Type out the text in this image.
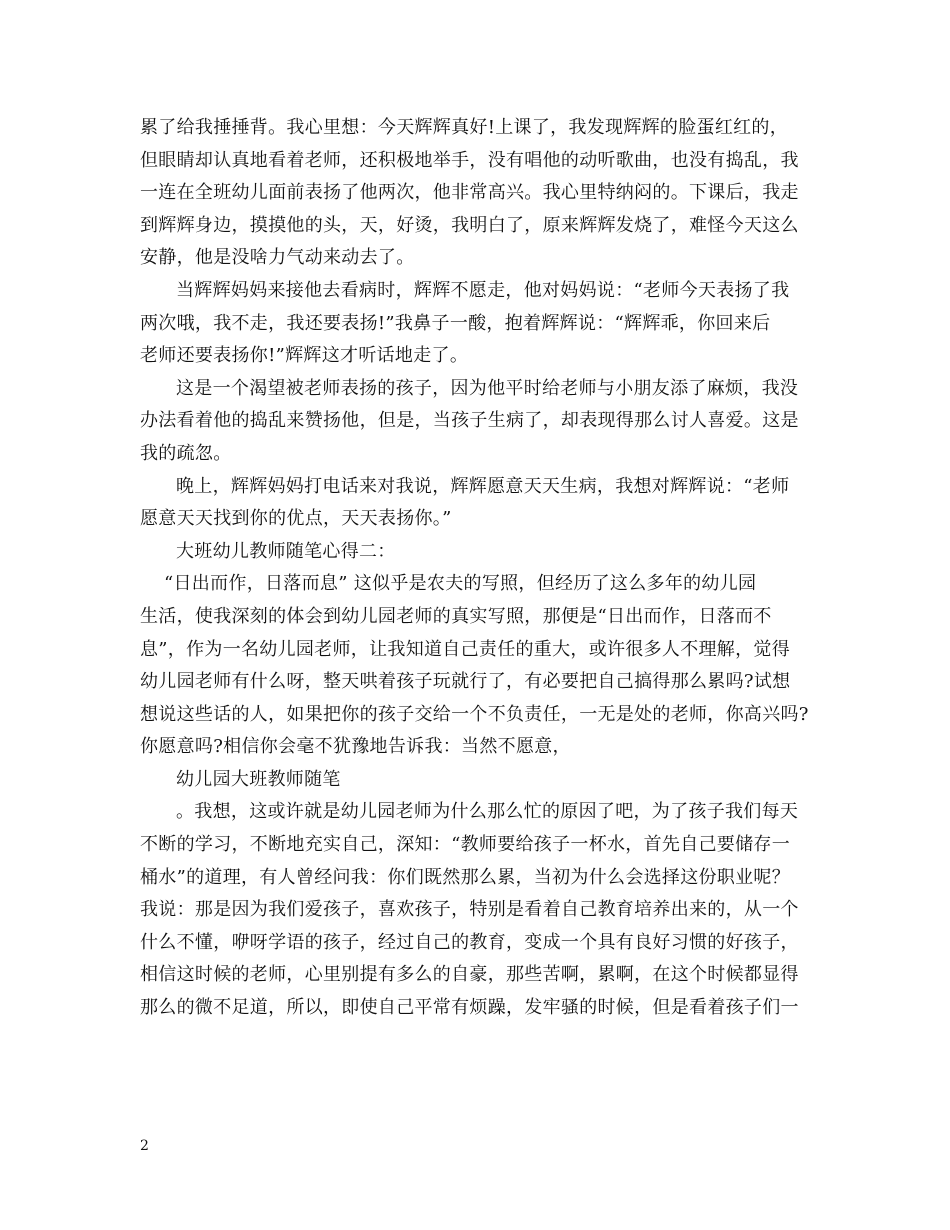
累了给我捶捶背。我心里想：今天辉辉真好!上课了，我发现辉辉的脸蛋红红的，
但眼睛却认真地看着老师，还积极地举手，没有唱他的动听歌曲，也没有捣乱，我
一连在全班幼儿面前表扬了他两次，他非常高兴。我心里特纳闷的。下课后，我走
到辉辉身边，摸摸他的头，天，好烫，我明白了，原来辉辉发烧了，难怪今天这么
安静，他是没啥力气动来动去了。
当辉辉妈妈来接他去看病时，辉辉不愿走，他对妈妈说：“老师今天表扬了我
两次哦，我不走，我还要表扬!”我鼻子一酸，抱着辉辉说：“辉辉乖，你回来后
老师还要表扬你!”辉辉这才听话地走了。
这是一个渴望被老师表扬的孩子，因为他平时给老师与小朋友添了麻烦，我没
办法看着他的捣乱来赞扬他，但是，当孩子生病了，却表现得那么讨人喜爱。这是
我的疏忽。
晚上，辉辉妈妈打电话来对我说，辉辉愿意天天生病，我想对辉辉说：“老师
愿意天天找到你的优点，天天表扬你。”
大班幼儿教师随笔心得二：
“日出而作，日落而息” 这似乎是农夫的写照，但经历了这么多年的幼儿园
生活，使我深刻的体会到幼儿园老师的真实写照，那便是“日出而作，日落而不
息”，作为一名幼儿园老师，让我知道自己责任的重大，或许很多人不理解，觉得
幼儿园老师有什么呀，整天哄着孩子玩就行了，有必要把自己搞得那么累吗?试想
想说这些话的人，如果把你的孩子交给一个不负责任，一无是处的老师，你高兴吗?
你愿意吗?相信你会毫不犹豫地告诉我：当然不愿意，
幼儿园大班教师随笔
。我想，这或许就是幼儿园老师为什么那么忙的原因了吧，为了孩子我们每天
不断的学习，不断地充实自己，深知：“教师要给孩子一杯水，首先自己要储存一
桶水”的道理，有人曾经问我：你们既然那么累，当初为什么会选择这份职业呢？
我说：那是因为我们爱孩子，喜欢孩子，特别是看着自己教育培养出来的，从一个
什么不懂，咿呀学语的孩子，经过自己的教育，变成一个具有良好习惯的好孩子，
相信这时候的老师，心里别提有多么的自豪，那些苦啊，累啊，在这个时候都显得
那么的微不足道，所以，即使自己平常有烦躁，发牢骚的时候，但是看着孩子们一
2
